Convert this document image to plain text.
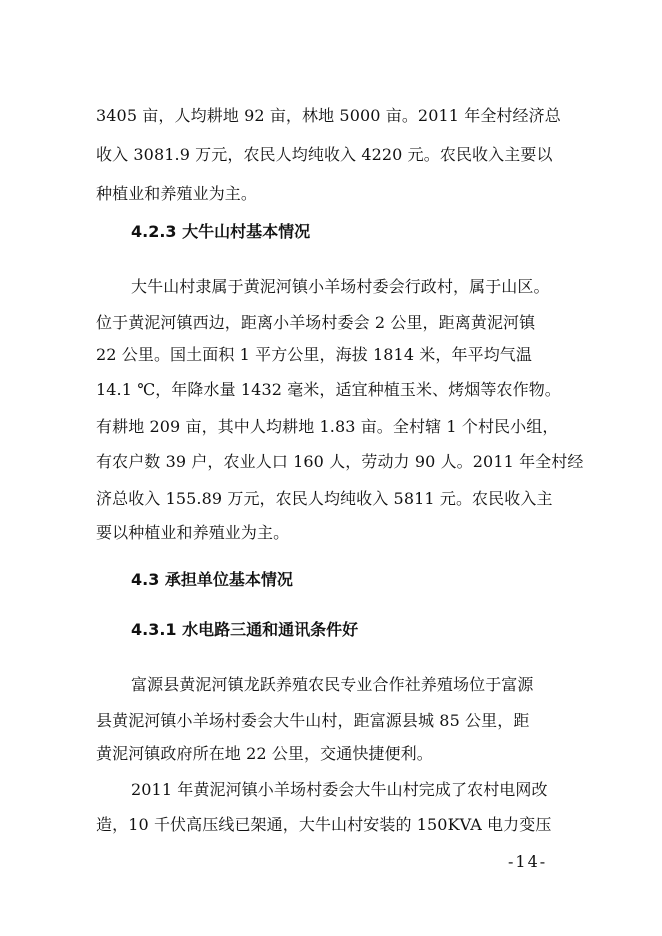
3405 亩，人均耕地 92 亩，林地 5000 亩。2011 年全村经济总
收入 3081.9 万元，农民人均纯收入 4220 元。农民收入主要以
种植业和养殖业为主。
4.2.3 大牛山村基本情况
大牛山村隶属于黄泥河镇小羊场村委会行政村，属于山区。
位于黄泥河镇西边，距离小羊场村委会 2 公里，距离黄泥河镇
22 公里。国土面积 1 平方公里，海拔 1814 米，年平均气温
14.1 ℃，年降水量 1432 毫米，适宜种植玉米、烤烟等农作物。
有耕地 209 亩，其中人均耕地 1.83 亩。全村辖 1 个村民小组，
有农户数 39 户，农业人口 160 人，劳动力 90 人。2011 年全村经
济总收入 155.89 万元，农民人均纯收入 5811 元。农民收入主
要以种植业和养殖业为主。
4.3 承担单位基本情况
4.3.1 水电路三通和通讯条件好
富源县黄泥河镇龙跃养殖农民专业合作社养殖场位于富源
县黄泥河镇小羊场村委会大牛山村，距富源县城 85 公里，距
黄泥河镇政府所在地 22 公里，交通快捷便利。
2011 年黄泥河镇小羊场村委会大牛山村完成了农村电网改
造，10 千伏高压线已架通，大牛山村安装的 150KVA 电力变压
-14-
